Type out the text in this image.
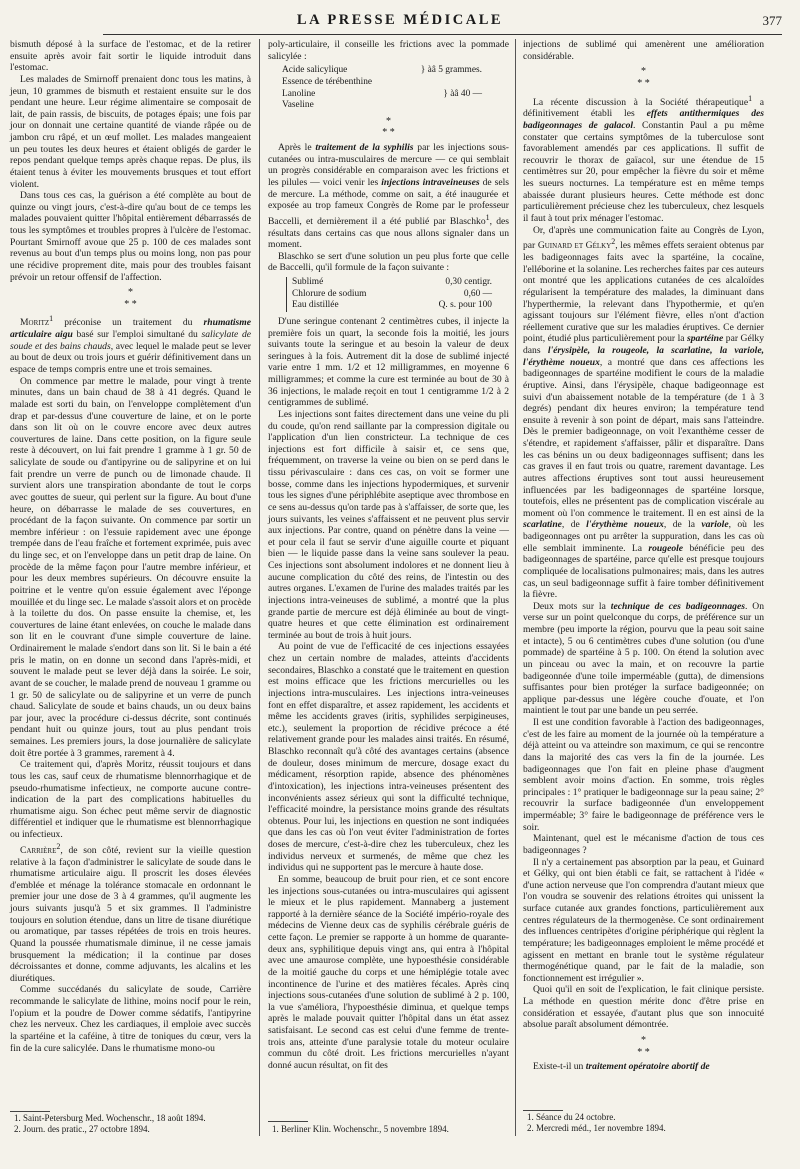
LA PRESSE MÉDICALE	377

bismuth déposé à la surface de l'estomac, et de la retirer ensuite après avoir fait sortir le liquide introduit dans l'estomac.

Les malades de Smirnoff prenaient donc tous les matins, à jeun, 10 grammes de bismuth et restaient ensuite sur le dos pendant une heure. Leur régime alimentaire se composait de lait, de pain rassis, de biscuits, de potages épais; une fois par jour on donnait une certaine quantité de viande râpée ou de jambon cru râpé, et un œuf mollet. Les malades mangeaient un peu toutes les deux heures et étaient obligés de garder le repos pendant quelque temps après chaque repas. De plus, ils étaient tenus à éviter les mouvements brusques et tout effort violent.

Dans tous ces cas, la guérison a été complète au bout de quinze ou vingt jours, c'est-à-dire qu'au bout de ce temps les malades pouvaient quitter l'hôpital entièrement débarrassés de tous les symptômes et troubles propres à l'ulcère de l'estomac. Pourtant Smirnoff avoue que 25 p. 100 de ces malades sont revenus au bout d'un temps plus ou moins long, non pas pour une récidive proprement dite, mais pour des troubles faisant prévoir un retour offensif de l'affection.

*
* *

Moritz$^1$ préconise un traitement du rhumatisme articulaire aigu basé sur l'emploi simultané du salicylate de soude et des bains chauds, avec lequel le malade peut se lever au bout de deux ou trois jours et guérir définitivement dans un espace de temps compris entre une et trois semaines.

On commence par mettre le malade, pour vingt à trente minutes, dans un bain chaud de 38 à 41 degrés. Quand le malade est sorti du bain, on l'enveloppe complètement d'un drap et par-dessus d'une couverture de laine, et on le porte dans son lit où on le couvre encore avec deux autres couvertures de laine. Dans cette position, on la figure seule reste à découvert, on lui fait prendre 1 gramme à 1 gr. 50 de salicylate de soude ou d'antipyrine ou de salipyrine et on lui fait prendre un verre de punch ou de limonade chaude. Il survient alors une transpiration abondante de tout le corps avec gouttes de sueur, qui perlent sur la figure. Au bout d'une heure, on débarrasse le malade de ses couvertures, en procédant de la façon suivante. On commence par sortir un membre inférieur : on l'essuie rapidement avec une éponge trempée dans de l'eau fraîche et fortement exprimée, puis avec du linge sec, et on l'enveloppe dans un petit drap de laine. On procède de la même façon pour l'autre membre inférieur, et pour les deux membres supérieurs. On découvre ensuite la poitrine et le ventre qu'on essuie également avec l'éponge mouillée et du linge sec. Le malade s'assoit alors et on procède à la toilette du dos. On passe ensuite la chemise, et, les couvertures de laine étant enlevées, on couche le malade dans son lit en le couvrant d'une simple couverture de laine. Ordinairement le malade s'endort dans son lit. Si le bain a été pris le matin, on en donne un second dans l'après-midi, et souvent le malade peut se lever déjà dans la soirée. Le soir, avant de se coucher, le malade prend de nouveau 1 gramme ou 1 gr. 50 de salicylate ou de salipyrine et un verre de punch chaud. Salicylate de soude et bains chauds, un ou deux bains par jour, avec la procédure ci-dessus décrite, sont continués pendant huit ou quinze jours, tout au plus pendant trois semaines. Les premiers jours, la dose journalière de salicylate doit être portée à 3 grammes, rarement à 4.

Ce traitement qui, d'après Moritz, réussit toujours et dans tous les cas, sauf ceux de rhumatisme blennorrhagique et de pseudo-rhumatisme infectieux, ne comporte aucune contre-indication de la part des complications habituelles du rhumatisme aigu. Son échec peut même servir de diagnostic différentiel et indiquer que le rhumatisme est blennorrhagique ou infectieux.

Carrière$^2$, de son côté, revient sur la vieille question relative à la façon d'administrer le salicylate de soude dans le rhumatisme articulaire aigu. Il proscrit les doses élevées d'emblée et ménage la tolérance stomacale en ordonnant le premier jour une dose de 3 à 4 grammes, qu'il augmente les jours suivants jusqu'à 5 et six grammes. Il l'administre toujours en solution étendue, dans un litre de tisane diurétique ou aromatique, par tasses répétées de trois en trois heures. Quand la poussée rhumatismale diminue, il ne cesse jamais brusquement la médication; il la continue par doses décroissantes et donne, comme adjuvants, les alcalins et les diurétiques.

Comme succédanés du salicylate de soude, Carrière recommande le salicylate de lithine, moins nocif pour le rein, l'opium et la poudre de Dower comme sédatifs, l'antipyrine chez les nerveux. Chez les cardiaques, il emploie avec succès la spartéine et la caféine, à titre de toniques du cœur, vers la fin de la cure salicylée. Dans le rhumatisme mono-ou

poly-articulaire, il conseille les frictions avec la pommade salicylée :

Acide salicylique	} àâ 5 grammes.
Essence de térébenthine
Lanoline	} àâ 40 —
Vaseline
*
* *

Après le traitement de la syphilis par les injections sous-cutanées ou intra-musculaires de mercure — ce qui semblait un progrès considérable en comparaison avec les frictions et les pilules — voici venir les injections intraveineuses de sels de mercure. La méthode, comme on sait, a été inaugurée et exposée au trop fameux Congrès de Rome par le professeur Baccelli, et dernièrement il a été publié par Blaschko$^1$, des résultats dans certains cas que nous allons signaler dans un moment.

Blaschko se sert d'une solution un peu plus forte que celle de Baccelli, qu'il formule de la façon suivante :

Sublimé	0,30 centigr.
Chlorure de sodium	0,60 —
Eau distillée	Q. s. pour 100

D'une seringue contenant 2 centimètres cubes, il injecte la première fois un quart, la seconde fois la moitié, les jours suivants toute la seringue et au besoin la valeur de deux seringues à la fois. Autrement dit la dose de sublimé injecté varie entre 1 mm. 1/2 et 12 milligrammes, en moyenne 6 milligrammes; et comme la cure est terminée au bout de 30 à 36 injections, le malade reçoit en tout 1 centigramme 1/2 à 2 centigrammes de sublimé.

Les injections sont faites directement dans une veine du pli du coude, qu'on rend saillante par la compression digitale ou l'application d'un lien constricteur. La technique de ces injections est fort difficile à saisir et, ce sens que, fréquemment, on traverse la veine ou bien on se perd dans le tissu périvasculaire : dans ces cas, on voit se former une bosse, comme dans les injections hypodermiques, et survenir tous les signes d'une périphlébite aseptique avec thrombose en ce sens au-dessus qu'on tarde pas à s'affaisser, de sorte que, les jours suivants, les veines s'affaissent et ne peuvent plus servir aux injections. Par contre, quand on pénètre dans la veine — et pour cela il faut se servir d'une aiguille courte et piquant bien — le liquide passe dans la veine sans soulever la peau. Ces injections sont absolument indolores et ne donnent lieu à aucune complication du côté des reins, de l'intestin ou des autres organes. L'examen de l'urine des malades traités par les injections intra-veineuses de sublimé, a montré que la plus grande partie de mercure est déjà éliminée au bout de vingt-quatre heures et que cette élimination est ordinairement terminée au bout de trois à huit jours.

Au point de vue de l'efficacité de ces injections essayées chez un certain nombre de malades, atteints d'accidents secondaires, Blaschko a constaté que le traitement en question est moins efficace que les frictions mercurielles ou les injections intra-musculaires. Les injections intra-veineuses font en effet disparaître, et assez rapidement, les accidents et même les accidents graves (iritis, syphilides serpigineuses, etc.), seulement la proportion de récidive précoce a été relativement grande pour les malades ainsi traités. En résumé, Blaschko reconnaît qu'à côté des avantages certains (absence de douleur, doses minimum de mercure, dosage exact du médicament, résorption rapide, absence des phénomènes d'intoxication), les injections intra-veineuses présentent des inconvénients assez sérieux qui sont la difficulté technique, l'efficacité moindre, la persistance moins grande des résultats obtenus. Pour lui, les injections en question ne sont indiquées que dans les cas où l'on veut éviter l'administration de fortes doses de mercure, c'est-à-dire chez les tuberculeux, chez les individus nerveux et surmenés, de même que chez les individus qui ne supportent pas le mercure à haute dose.

En somme, beaucoup de bruit pour rien, et ce sont encore les injections sous-cutanées ou intra-musculaires qui agissent le mieux et le plus rapidement. Mannaberg a justement rapporté à la dernière séance de la Société império-royale des médecins de Vienne deux cas de syphilis cérébrale guéris de cette façon. Le premier se rapporte à un homme de quarante-deux ans, syphilitique depuis vingt ans, qui entra à l'hôpital avec une amaurose complète, une hypoesthésie considérable de la moitié gauche du corps et une hémiplégie totale avec incontinence de l'urine et des matières fécales. Après cinq injections sous-cutanées d'une solution de sublimé à 2 p. 100, la vue s'améliora, l'hypoesthésie diminua, et quelque temps après le malade pouvait quitter l'hôpital dans un état assez satisfaisant. Le second cas est celui d'une femme de trente-trois ans, atteinte d'une paralysie totale du moteur oculaire commun du côté droit. Les frictions mercurielles n'ayant donné aucun résultat, on fit des

injections de sublimé qui amenèrent une amélioration considérable.

*
* *

La récente discussion à la Société thérapeutique$^1$ a définitivement établi les effets antithermiques des badigeonnages de galacol. Constantin Paul a pu même constater que certains symptômes de la tuberculose sont favorablement amendés par ces applications. Il suffit de recouvrir le thorax de gaïacol, sur une étendue de 15 centimètres sur 20, pour empêcher la fièvre du soir et même les sueurs nocturnes. La température est en même temps abaissée durant plusieurs heures. Cette méthode est donc particulièrement précieuse chez les tuberculeux, chez lesquels il faut à tout prix ménager l'estomac.

Or, d'après une communication faite au Congrès de Lyon, par Guinard et Gélky$^2$, les mêmes effets seraient obtenus par les badigeonnages faits avec la spartéine, la cocaïne, l'elléborine et la solanine. Les recherches faites par ces auteurs ont montré que les applications cutanées de ces alcaloïdes régularisent la température des malades, la diminuant dans l'hyperthermie, la relevant dans l'hypothermie, et qu'en agissant toujours sur l'élément fièvre, elles n'ont d'action réellement curative que sur les maladies éruptives. Ce dernier point, étudié plus particulièrement pour la spartéine par Gélky dans l'érysipèle, la rougeole, la scarlatine, la variole, l'érythème noueux, a montré que dans ces affections les badigeonnages de spartéine modifient le cours de la maladie éruptive. Ainsi, dans l'érysipèle, chaque badigeonnage est suivi d'un abaissement notable de la température (de 1 à 3 degrés) pendant dix heures environ; la température tend ensuite à revenir à son point de départ, mais sans l'atteindre. Dès le premier badigeonnage, on voit l'exanthème cesser de s'étendre, et rapidement s'affaisser, pâlir et disparaître. Dans les cas bénins un ou deux badigeonnages suffisent; dans les cas graves il en faut trois ou quatre, rarement davantage. Les autres affections éruptives sont tout aussi heureusement influencées par les badigeonnages de spartéine lorsque, toutefois, elles ne présentent pas de complication viscérale au moment où l'on commence le traitement. Il en est ainsi de la scarlatine, de l'érythème noueux, de la variole, où les badigeonnages ont pu arrêter la suppuration, dans les cas où elle semblait imminente. La rougeole bénéficie peu des badigeonnages de spartéine, parce qu'elle est presque toujours compliquée de localisations pulmonaires; mais, dans les autres cas, un seul badigeonnage suffit à faire tomber définitivement la fièvre.

Deux mots sur la technique de ces badigeonnages. On verse sur un point quelconque du corps, de préférence sur un membre (peu importe la région, pourvu que la peau soit saine et intacte), 5 ou 6 centimètres cubes d'une solution (ou d'une pommade) de spartéine à 5 p. 100. On étend la solution avec un pinceau ou avec la main, et on recouvre la partie badigeonnée d'une toile imperméable (gutta), de dimensions suffisantes pour bien protéger la surface badigeonnée; on applique par-dessus une légère couche d'ouate, et l'on maintient le tout par une bande un peu serrée.

Il est une condition favorable à l'action des badigeonnages, c'est de les faire au moment de la journée où la température a déjà atteint ou va atteindre son maximum, ce qui se rencontre dans la majorité des cas vers la fin de la journée. Les badigeonnages que l'on fait en pleine phase d'augment semblent avoir moins d'action. En somme, trois règles principales : 1° pratiquer le badigeonnage sur la peau saine; 2° recouvrir la surface badigeonnée d'un enveloppement imperméable; 3° faire le badigeonnage de préférence vers le soir.

Maintenant, quel est le mécanisme d'action de tous ces badigeonnages ?

Il n'y a certainement pas absorption par la peau, et Guinard et Gélky, qui ont bien établi ce fait, se rattachent à l'idée « d'une action nerveuse que l'on comprendra d'autant mieux que l'on voudra se souvenir des relations étroites qui unissent la surface cutanée aux grandes fonctions, particulièrement aux centres régulateurs de la thermogenèse. Ce sont ordinairement des influences centripètes d'origine périphérique qui règlent la température; les badigeonnages emploient le même procédé et agissent en mettant en branle tout le système régulateur thermogénétique quand, par le fait de la maladie, son fonctionnement est irrégulier ».

Quoi qu'il en soit de l'explication, le fait clinique persiste. La méthode en question mérite donc d'être prise en considération et essayée, d'autant plus que son innocuité absolue paraît absolument démontrée.

*
* *

Existe-t-il un traitement opératoire abortif de

1. Saint-Petersburg Med. Wochenschr., 18 août 1894.
2. Journ. des pratic., 27 octobre 1894.	1. Berliner Klin. Wochenschr., 5 novembre 1894.
1. Séance du 24 octobre.
2. Mercredi méd., 1er novembre 1894.
